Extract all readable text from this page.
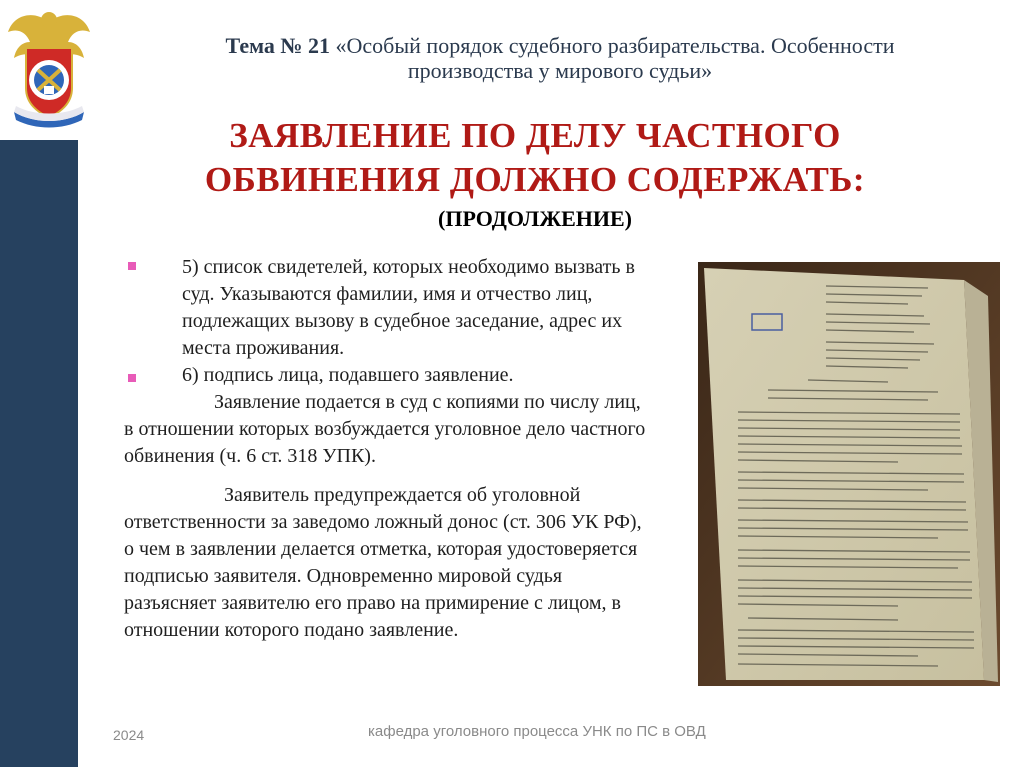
Тема № 21 «Особый порядок судебного разбирательства. Особенности
производства у мирового судьи»
ЗАЯВЛЕНИЕ ПО ДЕЛУ ЧАСТНОГО
ОБВИНЕНИЯ ДОЛЖНО СОДЕРЖАТЬ:
(ПРОДОЛЖЕНИЕ)

5) список свидетелей, которых необходимо вызвать в суд. Указываются фамилии, имя и отчество лиц, подлежащих вызову в судебное заседание, адрес их места проживания.

6) подпись лица, подавшего заявление.

Заявление подается в суд с копиями по числу лиц, в отношении которых возбуждается уголовное дело частного обвинения (ч. 6 ст. 318 УПК).

Заявитель предупреждается об уголовной ответственности за заведомо ложный донос (ст. 306 УК РФ), о чем в заявлении делается отметка, которая удостоверяется подписью заявителя. Одновременно мировой судья разъясняет заявителю его право на примирение с лицом, в отношении которого подано заявление.

2024	кафедра уголовного процесса УНК по ПС в ОВД
